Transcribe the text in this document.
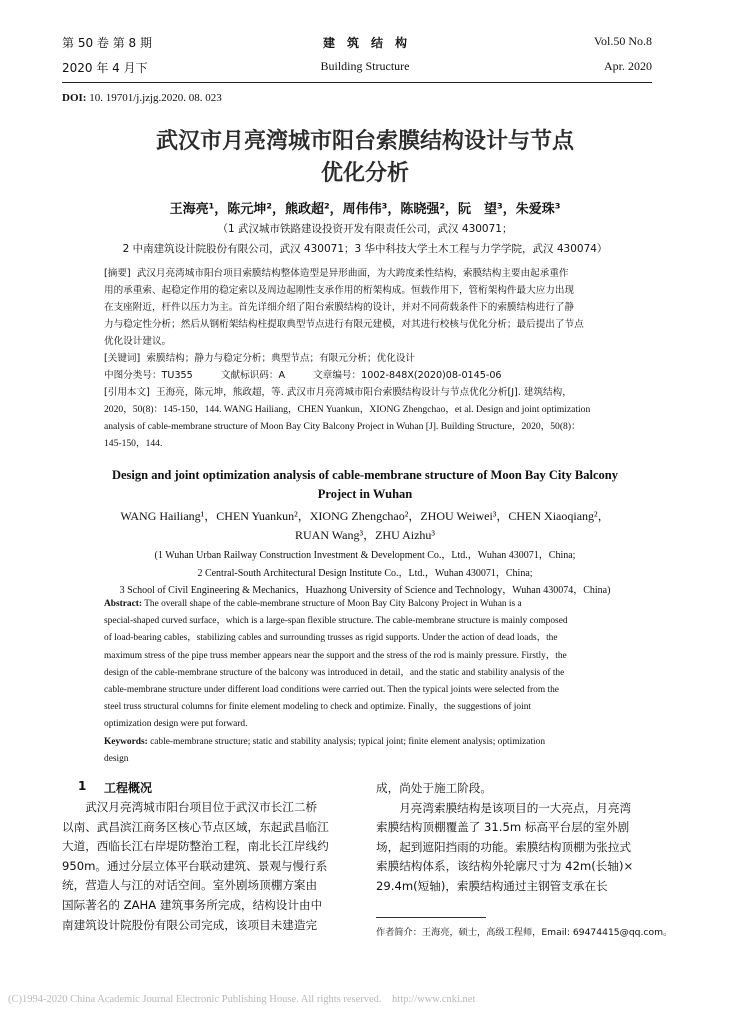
第 50 卷 第 8 期
2020 年 4 月下
建　筑　结　构
Building Structure
Vol.50 No.8
Apr. 2020
DOI: 10. 19701/j.jzjg.2020. 08. 023
武汉市月亮湾城市阳台索膜结构设计与节点
优化分析
王海亮¹，陈元坤²，熊政超²，周伟伟³，陈晓强²，阮　望³，朱爱珠³
（1 武汉城市铁路建设投资开发有限责任公司，武汉 430071；
2 中南建筑设计院股份有限公司，武汉 430071；3 华中科技大学土木工程与力学学院，武汉 430074）
[摘要] 武汉月亮湾城市阳台项目索膜结构整体造型是异形曲面，为大跨度柔性结构，索膜结构主要由起承重作
用的承重索、起稳定作用的稳定索以及周边起刚性支承作用的桁架构成。恒载作用下，管桁架构件最大应力出现
在支座附近，杆件以压力为主。首先详细介绍了阳台索膜结构的设计，并对不同荷载条件下的索膜结构进行了静
力与稳定性分析；然后从钢桁架结构柱提取典型节点进行有限元建模，对其进行校核与优化分析；最后提出了节点
优化设计建议。
[关键词] 索膜结构；静力与稳定分析；典型节点；有限元分析；优化设计
中图分类号：TU355	文献标识码：A	文章编号：1002-848X(2020)08-0145-06
[引用本文] 王海亮，陈元坤，熊政超，等. 武汉市月亮湾城市阳台索膜结构设计与节点优化分析[J]. 建筑结构，
2020，50(8)：145-150，144. WANG Hailiang，CHEN Yuankun，XIONG Zhengchao，et al. Design and joint optimization
analysis of cable-membrane structure of Moon Bay City Balcony Project in Wuhan [J]. Building Structure，2020，50(8)：
145-150，144.
Design and joint optimization analysis of cable-membrane structure of Moon Bay City Balcony
Project in Wuhan
WANG Hailiang¹，CHEN Yuankun²，XIONG Zhengchao²，ZHOU Weiwei³，CHEN Xiaoqiang²，
RUAN Wang³，ZHU Aizhu³
(1 Wuhan Urban Railway Construction Investment & Development Co.，Ltd.，Wuhan 430071，China;
2 Central-South Architectural Design Institute Co.，Ltd.，Wuhan 430071，China;
3 School of Civil Engineering & Mechanics，Huazhong University of Science and Technology，Wuhan 430074，China)
Abstract: The overall shape of the cable-membrane structure of Moon Bay City Balcony Project in Wuhan is a
special-shaped curved surface，which is a large-span flexible structure. The cable-membrane structure is mainly composed
of load-bearing cables，stabilizing cables and surrounding trusses as rigid supports. Under the action of dead loads，the
maximum stress of the pipe truss member appears near the support and the stress of the rod is mainly pressure. Firstly，the
design of the cable-membrane structure of the balcony was introduced in detail，and the static and stability analysis of the
cable-membrane structure under different load conditions were carried out. Then the typical joints were selected from the
steel truss structural columns for finite element modeling to check and optimize. Finally，the suggestions of joint
optimization design were put forward.
Keywords: cable-membrane structure; static and stability analysis; typical joint; finite element analysis; optimization
design
1 工程概况
　　武汉月亮湾城市阳台项目位于武汉市长江二桥
以南、武昌滨江商务区核心节点区域，东起武昌临江
大道，西临长江右岸堤防整治工程，南北长江岸线约
950m。通过分层立体平台联动建筑、景观与慢行系
统，营造人与江的对话空间。室外剧场顶棚方案由
国际著名的 ZAHA 建筑事务所完成，结构设计由中
南建筑设计院股份有限公司完成，该项目未建造完
成，尚处于施工阶段。
　　月亮湾索膜结构是该项目的一大亮点，月亮湾
索膜结构顶棚覆盖了 31.5m 标高平台层的室外剧
场，起到遮阳挡雨的功能。索膜结构顶棚为张拉式
索膜结构体系，该结构外轮廓尺寸为 42m(长轴)×
29.4m(短轴)，索膜结构通过主钢管支承在长
作者简介：王海亮，硕士，高级工程师，Email: 69474415@qq.com。
(C)1994-2020 China Academic Journal Electronic Publishing House. All rights reserved.　http://www.cnki.net
